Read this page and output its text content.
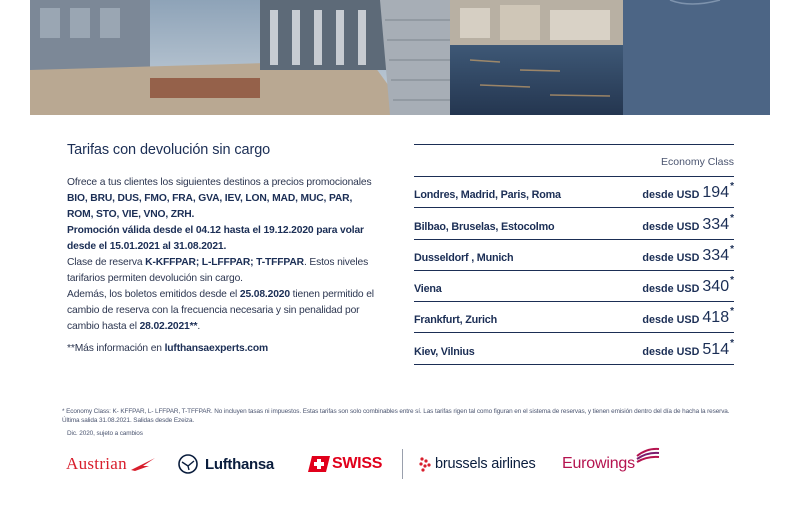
Tarifas con devolución sin cargo
Ofrece a tus clientes los siguientes destinos a precios promocionales BIO, BRU, DUS, FMO, FRA, GVA, IEV, LON, MAD, MUC, PAR, ROM, STO, VIE, VNO, ZRH.
Promoción válida desde el 04.12 hasta el 19.12.2020 para volar desde el 15.01.2021 al 31.08.2021.
Clase de reserva K-KFFPAR; L-LFFPAR; T-TFFPAR. Estos niveles tarifarios permiten devolución sin cargo.
Además, los boletos emitidos desde el 25.08.2020 tienen permitido el cambio de reserva con la frecuencia necesaria y sin penalidad por cambio hasta el 28.02.2021**.
**Más información en lufthansaexperts.com
Economy Class
Londres, Madrid, Paris, Roma	desde USD 194 *
Bilbao, Bruselas, Estocolmo	desde USD 334 *
Dusseldorf , Munich	desde USD 334 *
Viena	desde USD 340 *
Frankfurt, Zurich	desde USD 418 *
Kiev, Vilnius	desde USD 514 *
* Economy Class: K- KFFPAR, L- LFFPAR, T-TFFPAR. No incluyen tasas ni impuestos. Estas tarifas son solo combinables entre sí. Las tarifas rigen tal como figuran en el sistema de reservas, y tienen emisión dentro del día de hacha la reserva. Última salida 31.08.2021. Salidas desde Ezeiza.
Dic. 2020, sujeto a cambios
Austrian	Lufthansa	SWISS	brussels airlines Eurowings
